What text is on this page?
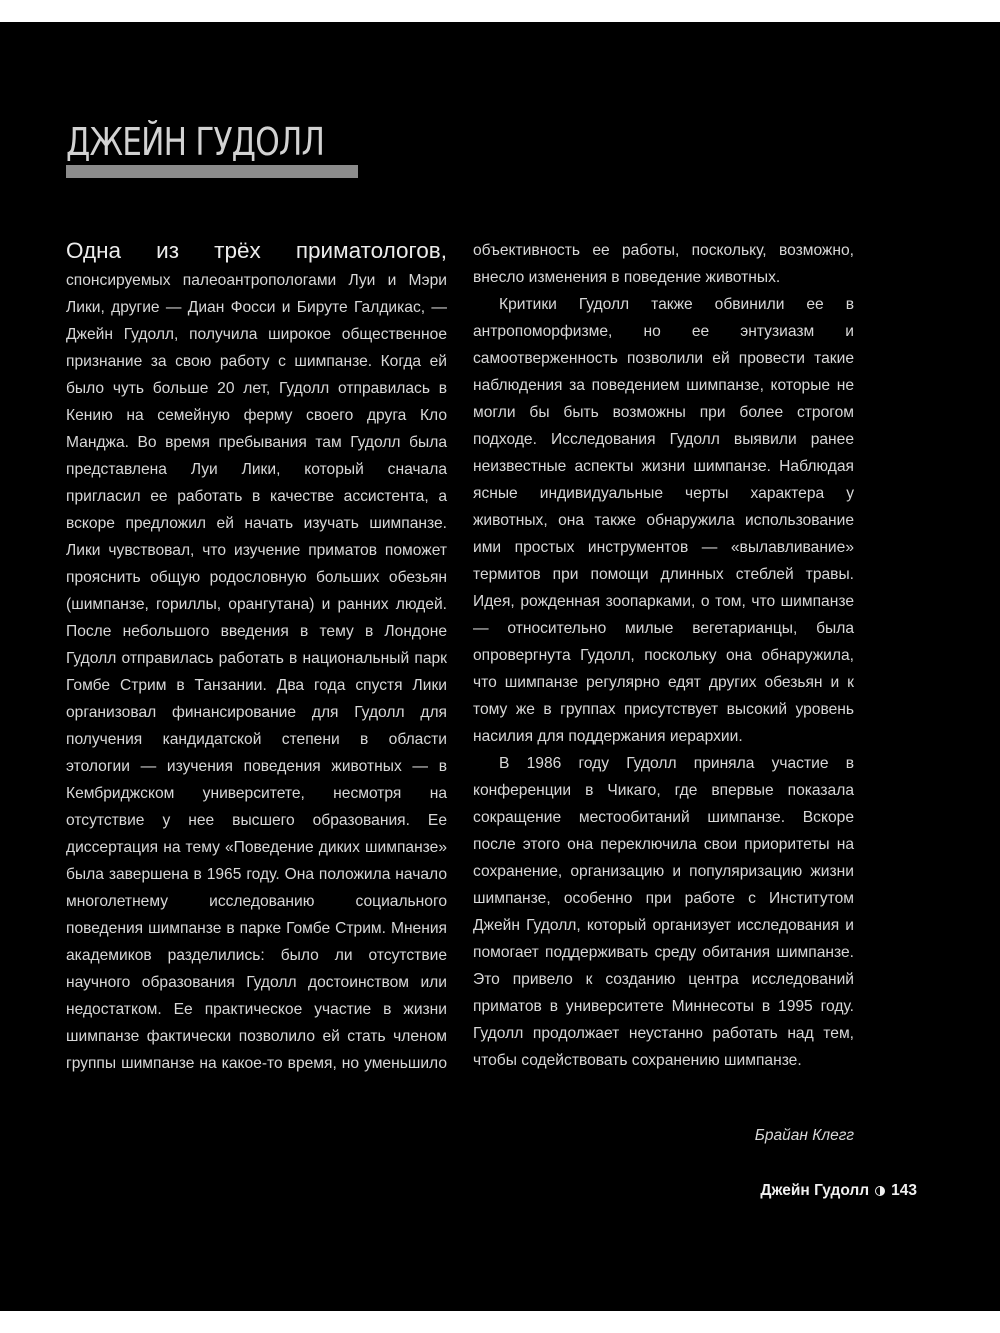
ДЖЕЙН ГУДОЛЛ

Одна из трёх приматологов, спонсируемых палеоантропологами Луи и Мэри Лики, другие — Диан Фосси и Бируте Галдикас, — Джейн Гудолл, получила широкое общественное признание за свою работу с шимпанзе. Когда ей было чуть больше 20 лет, Гудолл отправилась в Кению на семейную ферму своего друга Кло Манджа. Во время пребывания там Гудолл была представлена Луи Лики, который сначала пригласил ее работать в качестве ассистента, а вскоре предложил ей начать изучать шимпанзе. Лики чувствовал, что изучение приматов поможет прояснить общую родословную больших обезьян (шимпанзе, гориллы, орангутана) и ранних людей. После небольшого введения в тему в Лондоне Гудолл отправилась работать в национальный парк Гомбе Стрим в Танзании. Два года спустя Лики организовал финансирование для Гудолл для получения кандидатской степени в области этологии — изучения поведения животных — в Кембриджском университете, несмотря на отсутствие у нее высшего образования. Ее диссертация на тему «Поведение диких шимпанзе» была завершена в 1965 году. Она положила начало многолетнему исследованию социального поведения шимпанзе в парке Гомбе Стрим. Мнения академиков разделились: было ли отсутствие научного образования Гудолл достоинством или недостатком. Ее практическое участие в жизни шимпанзе фактически позволило ей стать членом группы шимпанзе на какое-то время, но уменьшило объективность ее работы, поскольку, возможно, внесло изменения в поведение животных.

Критики Гудолл также обвинили ее в антропоморфизме, но ее энтузиазм и самоотверженность позволили ей провести такие наблюдения за поведением шимпанзе, которые не могли бы быть возможны при более строгом подходе. Исследования Гудолл выявили ранее неизвестные аспекты жизни шимпанзе. Наблюдая ясные индивидуальные черты характера у животных, она также обнаружила использование ими простых инструментов — «вылавливание» термитов при помощи длинных стеблей травы. Идея, рожденная зоопарками, о том, что шимпанзе — относительно милые вегетарианцы, была опровергнута Гудолл, поскольку она обнаружила, что шимпанзе регулярно едят других обезьян и к тому же в группах присутствует высокий уровень насилия для поддержания иерархии.

В 1986 году Гудолл приняла участие в конференции в Чикаго, где впервые показала сокращение местообитаний шимпанзе. Вскоре после этого она переключила свои приоритеты на сохранение, организацию и популяризацию жизни шимпанзе, особенно при работе с Институтом Джейн Гудолл, который организует исследования и помогает поддерживать среду обитания шимпанзе. Это привело к созданию центра исследований приматов в университете Миннесоты в 1995 году. Гудолл продолжает неустанно работать над тем, чтобы содействовать сохранению шимпанзе.

Брайан Клегг
Джейн Гудолл 143
